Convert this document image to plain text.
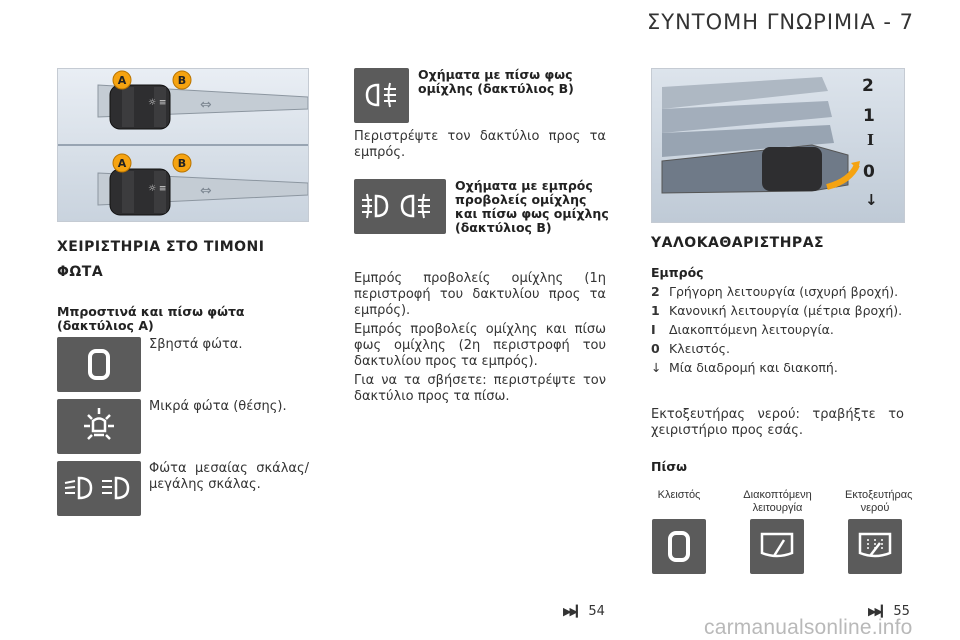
ΣΥΝΤΟΜΗ ΓΝΩΡΙΜΙΑ - 7
☼ ≡ ⇔
☼ ≡ ⇔
A	B
A	B
ΧΕΙΡΙΣΤΗΡΙΑ ΣΤΟ ΤΙΜΟΝΙ
ΦΩΤΑ
Μπροστινά και πίσω φώτα (δακτύλιος Α)
Σβηστά φώτα.
Μικρά φώτα (θέσης).
Φώτα μεσαίας σκάλας/ μεγάλης σκάλας.
Οχήματα με πίσω φως ομίχλης (δακτύλιος Β)
Περιστρέψτε τον δακτύλιο προς τα εμπρός.
Οχήματα με εμπρός προβολείς ομίχλης και πίσω φως ομίχλης (δακτύλιος Β)

Εμπρός προβολείς ομίχλης (1η περιστροφή του δακτυλίου προς τα εμπρός).

Εμπρός προβολείς ομίχλης και πίσω φως ομίχλης (2η περιστροφή του δακτυλίου προς τα εμπρός).

Για να τα σβήσετε: περιστρέψτε τον δακτύλιο προς τα πίσω.

▶▶▎ 54
2
1
I
0
↓
ΥΑΛΟΚΑΘΑΡΙΣΤΗΡΑΣ
Εμπρός
2 Γρήγορη λειτουργία (ισχυρή βροχή).
1 Κανονική λειτουργία (μέτρια βροχή).
I	Διακοπτόμενη λειτουργία.
0 Κλειστός.
↓ Μία διαδρομή και διακοπή.
Εκτοξευτήρας νερού: τραβήξτε το χειριστήριο προς εσάς.
Πίσω
Κλειστός	Διακοπτόμενη λειτουργία
Εκτοξευτήρας νερού
▶▶▎ 55
carmanualsonline.info
